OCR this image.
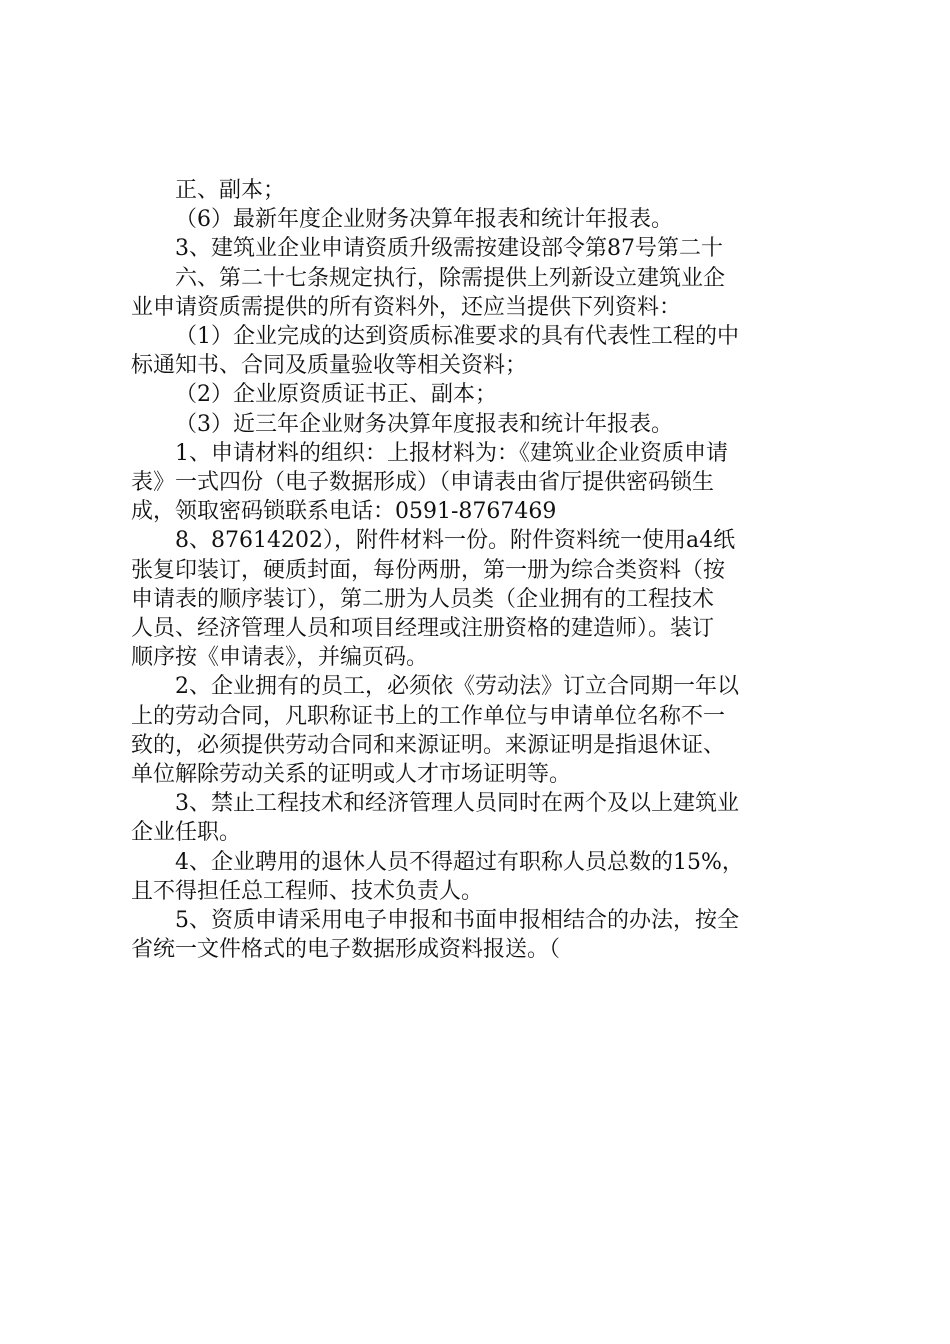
正、副本；
（6）最新年度企业财务决算年报表和统计年报表。
3、建筑业企业申请资质升级需按建设部令第87号第二十
六、第二十七条规定执行，除需提供上列新设立建筑业企
业申请资质需提供的所有资料外，还应当提供下列资料：
（1）企业完成的达到资质标准要求的具有代表性工程的中
标通知书、合同及质量验收等相关资料；
（2）企业原资质证书正、副本；
（3）近三年企业财务决算年度报表和统计年报表。
1、申请材料的组织：上报材料为：《建筑业企业资质申请
表》一式四份（电子数据形成）（申请表由省厅提供密码锁生
成，领取密码锁联系电话：0591-8767469
8、87614202），附件材料一份。附件资料统一使用a4纸
张复印装订，硬质封面，每份两册，第一册为综合类资料（按
申请表的顺序装订），第二册为人员类（企业拥有的工程技术
人员、经济管理人员和项目经理或注册资格的建造师）。装订
顺序按《申请表》，并编页码。
2、企业拥有的员工，必须依《劳动法》订立合同期一年以
上的劳动合同，凡职称证书上的工作单位与申请单位名称不一
致的，必须提供劳动合同和来源证明。来源证明是指退休证、
单位解除劳动关系的证明或人才市场证明等。
3、禁止工程技术和经济管理人员同时在两个及以上建筑业
企业任职。
4、企业聘用的退休人员不得超过有职称人员总数的15%，
且不得担任总工程师、技术负责人。
5、资质申请采用电子申报和书面申报相结合的办法，按全
省统一文件格式的电子数据形成资料报送。（
